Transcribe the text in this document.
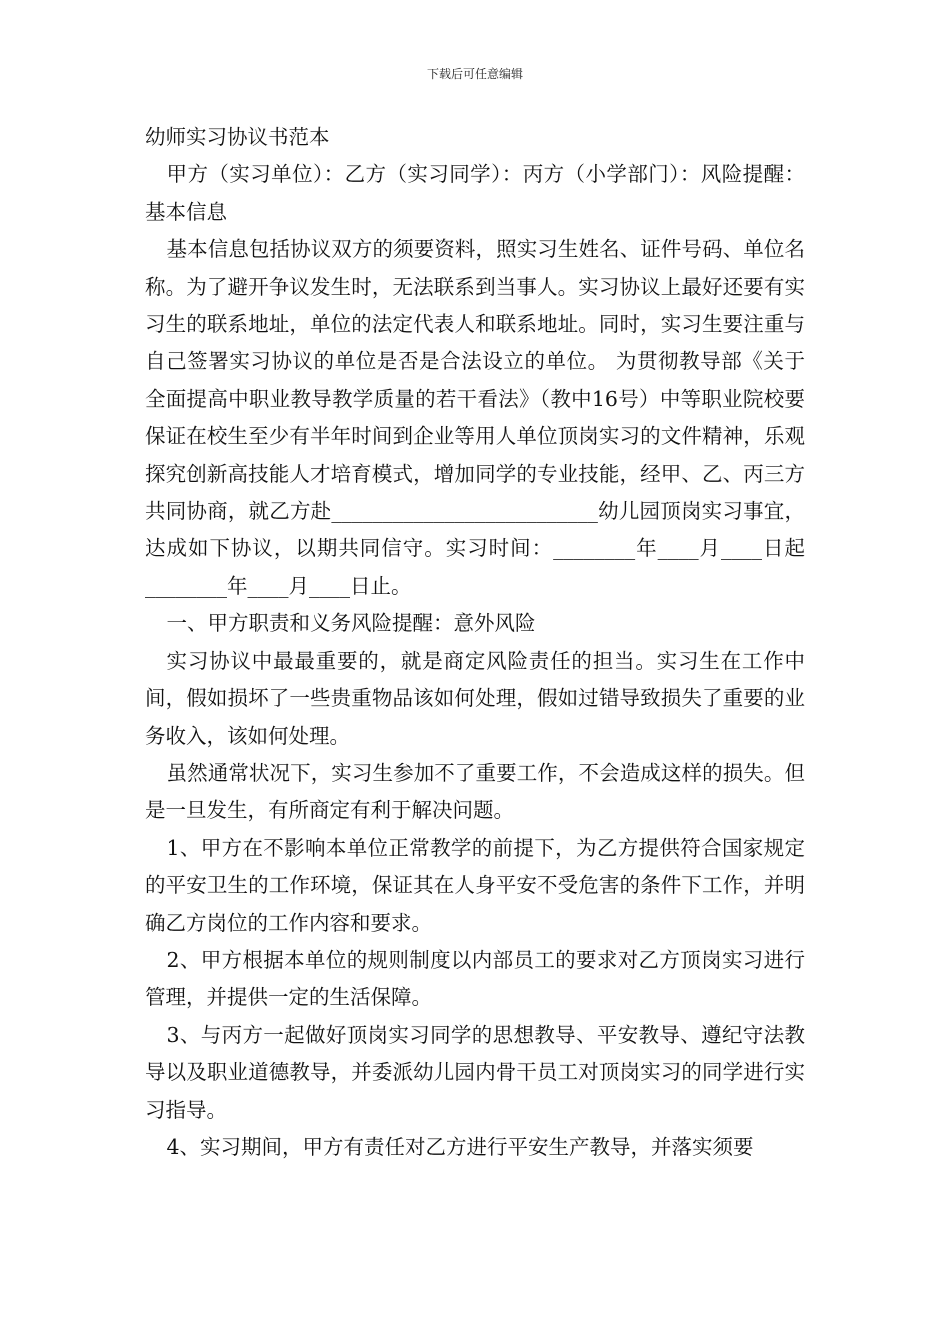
下载后可任意编辑

幼师实习协议书范本

甲方（实习单位）：乙方（实习同学）：丙方（小学部门）：风险提醒：基本信息

基本信息包括协议双方的须要资料，照实习生姓名、证件号码、单位名称。为了避开争议发生时，无法联系到当事人。实习协议上最好还要有实习生的联系地址，单位的法定代表人和联系地址。同时，实习生要注重与自己签署实习协议的单位是否是合法设立的单位。 为贯彻教导部《关于全面提高中职业教导教学质量的若干看法》（教中16号）中等职业院校要保证在校生至少有半年时间到企业等用人单位顶岗实习的文件精神，乐观探究创新高技能人才培育模式，增加同学的专业技能，经甲、乙、丙三方共同协商，就乙方赴__________________________幼儿园顶岗实习事宜，达成如下协议，以期共同信守。实习时间：________年____月____日起________年____月____日止。

一、甲方职责和义务风险提醒：意外风险

实习协议中最最重要的，就是商定风险责任的担当。实习生在工作中间，假如损坏了一些贵重物品该如何处理，假如过错导致损失了重要的业务收入，该如何处理。

虽然通常状况下，实习生参加不了重要工作，不会造成这样的损失。但是一旦发生，有所商定有利于解决问题。

1、甲方在不影响本单位正常教学的前提下，为乙方提供符合国家规定的平安卫生的工作环境，保证其在人身平安不受危害的条件下工作，并明确乙方岗位的工作内容和要求。

2、甲方根据本单位的规则制度以内部员工的要求对乙方顶岗实习进行管理，并提供一定的生活保障。

3、与丙方一起做好顶岗实习同学的思想教导、平安教导、遵纪守法教导以及职业道德教导，并委派幼儿园内骨干员工对顶岗实习的同学进行实习指导。

4、实习期间，甲方有责任对乙方进行平安生产教导，并落实须要
